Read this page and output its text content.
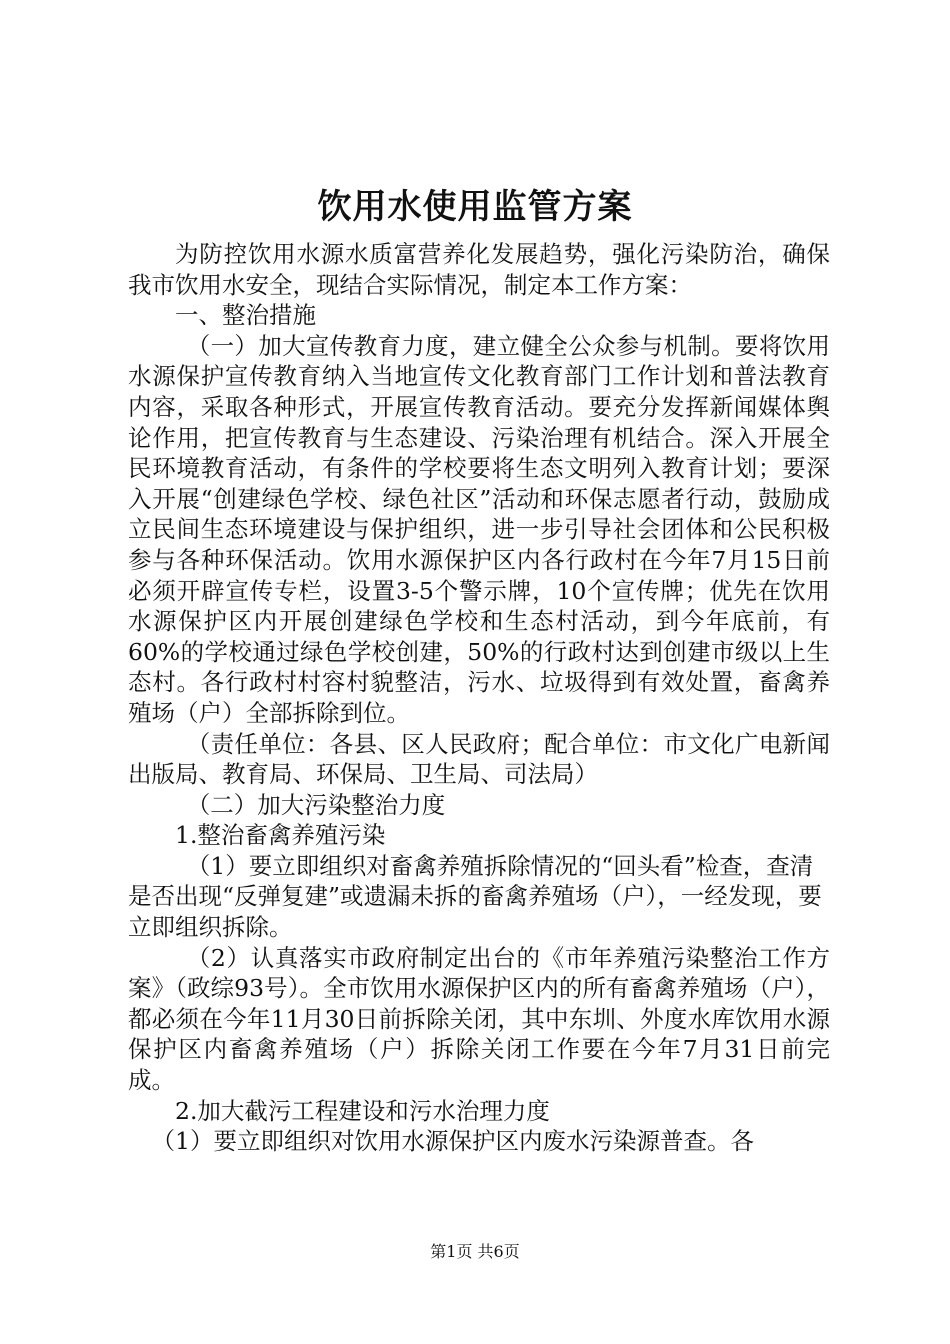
饮用水使用监管方案

为防控饮用水源水质富营养化发展趋势，强化污染防治，确保我市饮用水安全，现结合实际情况，制定本工作方案：

一、整治措施

（一）加大宣传教育力度，建立健全公众参与机制。要将饮用水源保护宣传教育纳入当地宣传文化教育部门工作计划和普法教育内容，采取各种形式，开展宣传教育活动。要充分发挥新闻媒体舆论作用，把宣传教育与生态建设、污染治理有机结合。深入开展全民环境教育活动，有条件的学校要将生态文明列入教育计划；要深入开展“创建绿色学校、绿色社区”活动和环保志愿者行动，鼓励成立民间生态环境建设与保护组织，进一步引导社会团体和公民积极参与各种环保活动。饮用水源保护区内各行政村在今年7月15日前必须开辟宣传专栏，设置3-5个警示牌，10个宣传牌；优先在饮用水源保护区内开展创建绿色学校和生态村活动，到今年底前，有60%的学校通过绿色学校创建，50%的行政村达到创建市级以上生态村。各行政村村容村貌整洁，污水、垃圾得到有效处置，畜禽养殖场（户）全部拆除到位。

（责任单位：各县、区人民政府；配合单位：市文化广电新闻出版局、教育局、环保局、卫生局、司法局）

（二）加大污染整治力度

1.整治畜禽养殖污染

（1）要立即组织对畜禽养殖拆除情况的“回头看”检查，查清是否出现“反弹复建”或遗漏未拆的畜禽养殖场（户），一经发现，要立即组织拆除。

（2）认真落实市政府制定出台的《市年养殖污染整治工作方案》（政综93号）。全市饮用水源保护区内的所有畜禽养殖场（户），都必须在今年11月30日前拆除关闭，其中东圳、外度水库饮用水源保护区内畜禽养殖场（户）拆除关闭工作要在今年7月31日前完成。

2.加大截污工程建设和污水治理力度

（1）要立即组织对饮用水源保护区内废水污染源普查。各

第1页 共6页
